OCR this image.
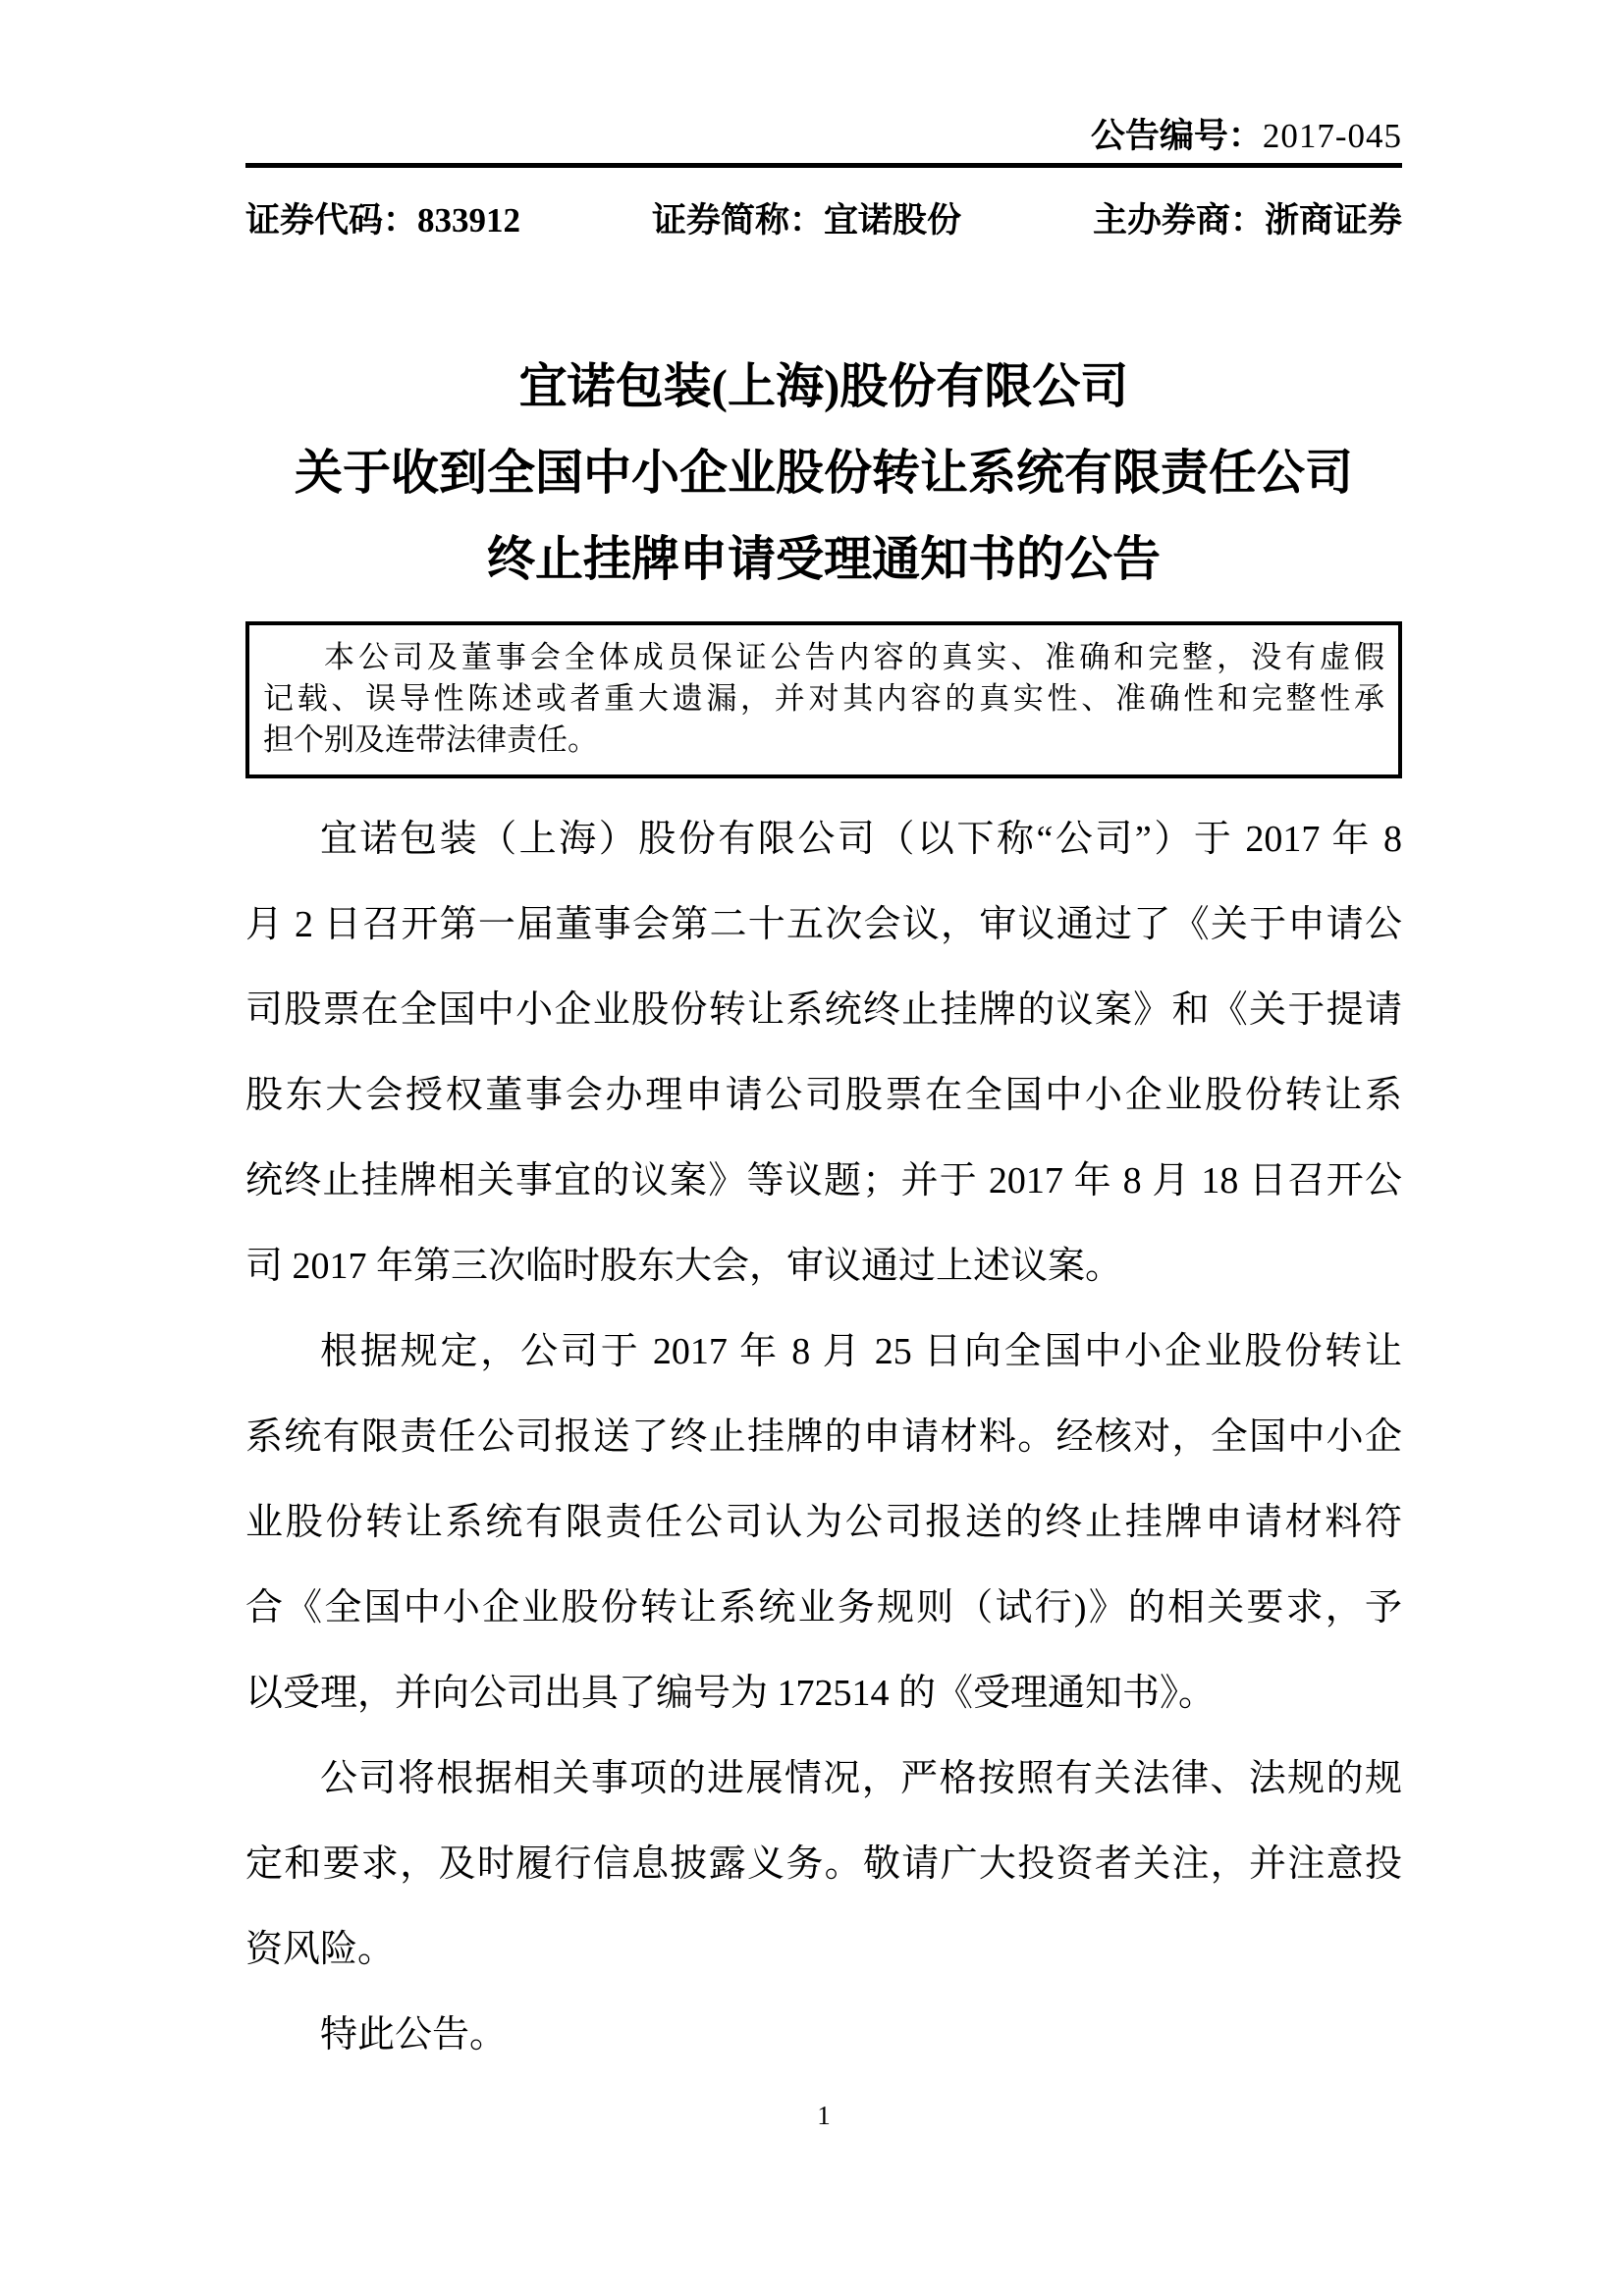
公告编号：2017-045
证券代码：833912	证券简称：宜诺股份	主办券商：浙商证券
宜诺包装(上海)股份有限公司
关于收到全国中小企业股份转让系统有限责任公司
终止挂牌申请受理通知书的公告
本公司及董事会全体成员保证公告内容的真实、准确和完整，没有虚假
记载、误导性陈述或者重大遗漏，并对其内容的真实性、准确性和完整性承
担个别及连带法律责任。
宜诺包装（上海）股份有限公司（以下称“公司”）于 2017 年 8
月 2 日召开第一届董事会第二十五次会议，审议通过了《关于申请公
司股票在全国中小企业股份转让系统终止挂牌的议案》和《关于提请
股东大会授权董事会办理申请公司股票在全国中小企业股份转让系
统终止挂牌相关事宜的议案》等议题；并于 2017 年 8 月 18 日召开公
司 2017 年第三次临时股东大会，审议通过上述议案。
根据规定，公司于 2017 年 8 月 25 日向全国中小企业股份转让
系统有限责任公司报送了终止挂牌的申请材料。经核对，全国中小企
业股份转让系统有限责任公司认为公司报送的终止挂牌申请材料符
合《全国中小企业股份转让系统业务规则（试行)》的相关要求，予
以受理，并向公司出具了编号为 172514 的《受理通知书》。
公司将根据相关事项的进展情况，严格按照有关法律、法规的规
定和要求，及时履行信息披露义务。敬请广大投资者关注，并注意投
资风险。
特此公告。
1
